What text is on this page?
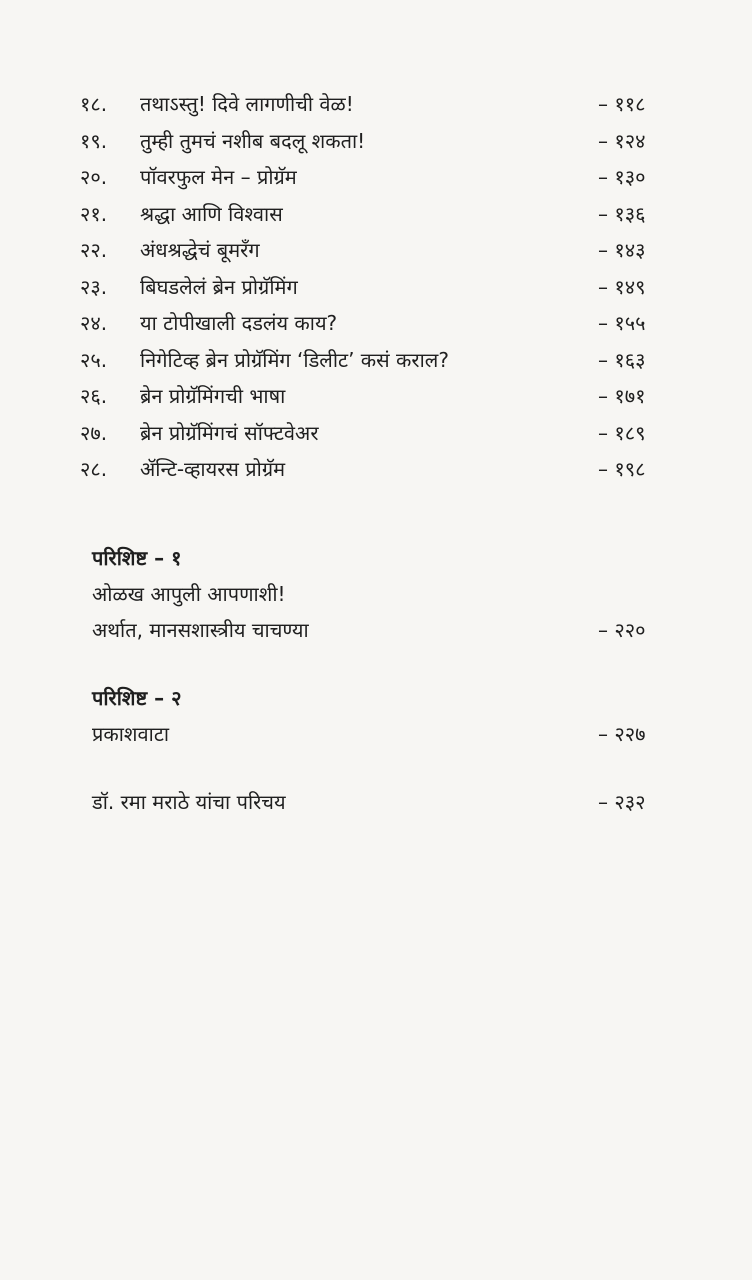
१८. तथाऽस्तु! दिवे लागणीची वेळ!	– ११८
१९. तुम्ही तुमचं नशीब बदलू शकता!	– १२४
२०. पॉवरफुल मेन – प्रोग्रॅम	– १३०
२१. श्रद्धा आणि विश्वास	– १३६
२२. अंधश्रद्धेचं बूमरँग	– १४३
२३. बिघडलेलं ब्रेन प्रोग्रॅमिंग	– १४९
२४. या टोपीखाली दडलंय काय?	– १५५
२५. निगेटिव्ह ब्रेन प्रोग्रॅमिंग ‘डिलीट’ कसं कराल?	– १६३
२६. ब्रेन प्रोग्रॅमिंगची भाषा	– १७१
२७. ब्रेन प्रोग्रॅमिंगचं सॉफ्टवेअर	– १८९
२८. ॲन्टि-व्हायरस प्रोग्रॅम	– १९८
परिशिष्ट – १
ओळख आपुली आपणाशी!
अर्थात, मानसशास्त्रीय चाचण्या	– २२०
परिशिष्ट – २
प्रकाशवाटा	– २२७
डॉ. रमा मराठे यांचा परिचय	– २३२
